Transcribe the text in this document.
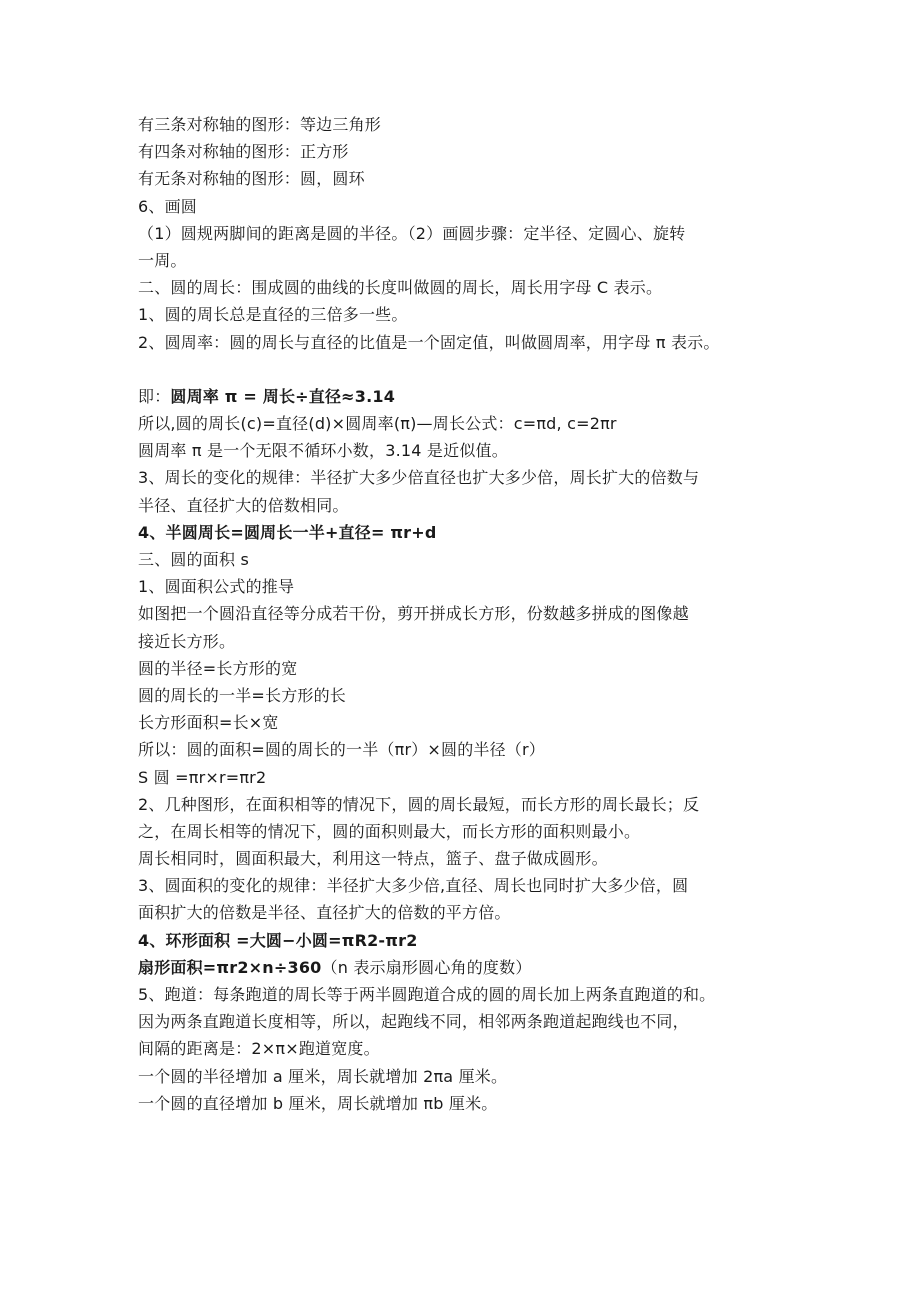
有三条对称轴的图形：等边三角形
有四条对称轴的图形：正方形
有无条对称轴的图形：圆，圆环
6、画圆
（1）圆规两脚间的距离是圆的半径。（2）画圆步骤：定半径、定圆心、旋转
一周。
二、圆的周长：围成圆的曲线的长度叫做圆的周长，周长用字母 C 表示。
1、圆的周长总是直径的三倍多一些。
2、圆周率：圆的周长与直径的比值是一个固定值，叫做圆周率，用字母 π 表示。
即：圆周率 π = 周长÷直径≈3.14
所以,圆的周长(c)=直径(d)×圆周率(π)—周长公式：c=πd, c=2πr
圆周率 π 是一个无限不循环小数，3.14 是近似值。
3、周长的变化的规律：半径扩大多少倍直径也扩大多少倍，周长扩大的倍数与
半径、直径扩大的倍数相同。
4、半圆周长=圆周长一半+直径= πr+d
三、圆的面积 s
1、圆面积公式的推导
如图把一个圆沿直径等分成若干份，剪开拼成长方形，份数越多拼成的图像越
接近长方形。
圆的半径=长方形的宽
圆的周长的一半=长方形的长
长方形面积=长×宽
所以：圆的面积=圆的周长的一半（πr）×圆的半径（r）
S 圆 =πr×r=πr2
2、几种图形，在面积相等的情况下，圆的周长最短，而长方形的周长最长；反
之，在周长相等的情况下，圆的面积则最大，而长方形的面积则最小。
周长相同时，圆面积最大，利用这一特点，篮子、盘子做成圆形。
3、圆面积的变化的规律：半径扩大多少倍,直径、周长也同时扩大多少倍，圆
面积扩大的倍数是半径、直径扩大的倍数的平方倍。
4、环形面积 =大圆−小圆=πR2-πr2
扇形面积=πr2×n÷360（n 表示扇形圆心角的度数）
5、跑道：每条跑道的周长等于两半圆跑道合成的圆的周长加上两条直跑道的和。
因为两条直跑道长度相等，所以，起跑线不同，相邻两条跑道起跑线也不同，
间隔的距离是：2×π×跑道宽度。
一个圆的半径增加 a 厘米，周长就增加 2πa 厘米。
一个圆的直径增加 b 厘米，周长就增加 πb 厘米。
